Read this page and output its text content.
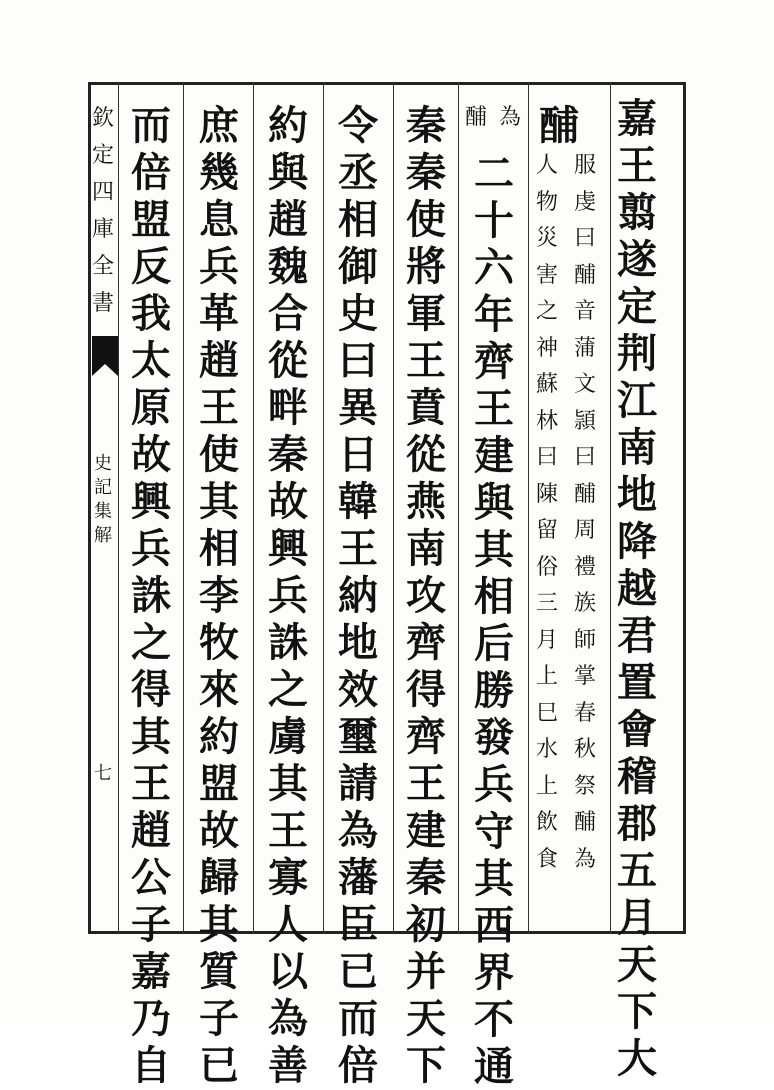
欽
定
四
庫
全
書
史
記
集
解
七
嘉
王
翦
遂
定
荆
江
南
地
降
越
君
置
會
稽
郡
五
月
天
下
大
酺
服
虔
曰
酺
音
蒲
文
頴
曰
酺
周
禮
族
師
掌
春
秋
祭
酺
為
人
物
災
害
之
神
蘇
林
曰
陳
留
俗
三
月
上
巳
水
上
飲
食
為
酺
二
十
六
年
齊
王
建
與
其
相
后
勝
發
兵
守
其
西
界
不
通
秦
秦
使
將
軍
王
賁
從
燕
南
攻
齊
得
齊
王
建
秦
初
并
天
下
令
丞
相
御
史
曰
異
日
韓
王
納
地
效
璽
請
為
藩
臣
已
而
倍
約
與
趙
魏
合
從
畔
秦
故
興
兵
誅
之
虜
其
王
寡
人
以
為
善
庶
幾
息
兵
革
趙
王
使
其
相
李
牧
來
約
盟
故
歸
其
質
子
已
而
倍
盟
反
我
太
原
故
興
兵
誅
之
得
其
王
趙
公
子
嘉
乃
自
